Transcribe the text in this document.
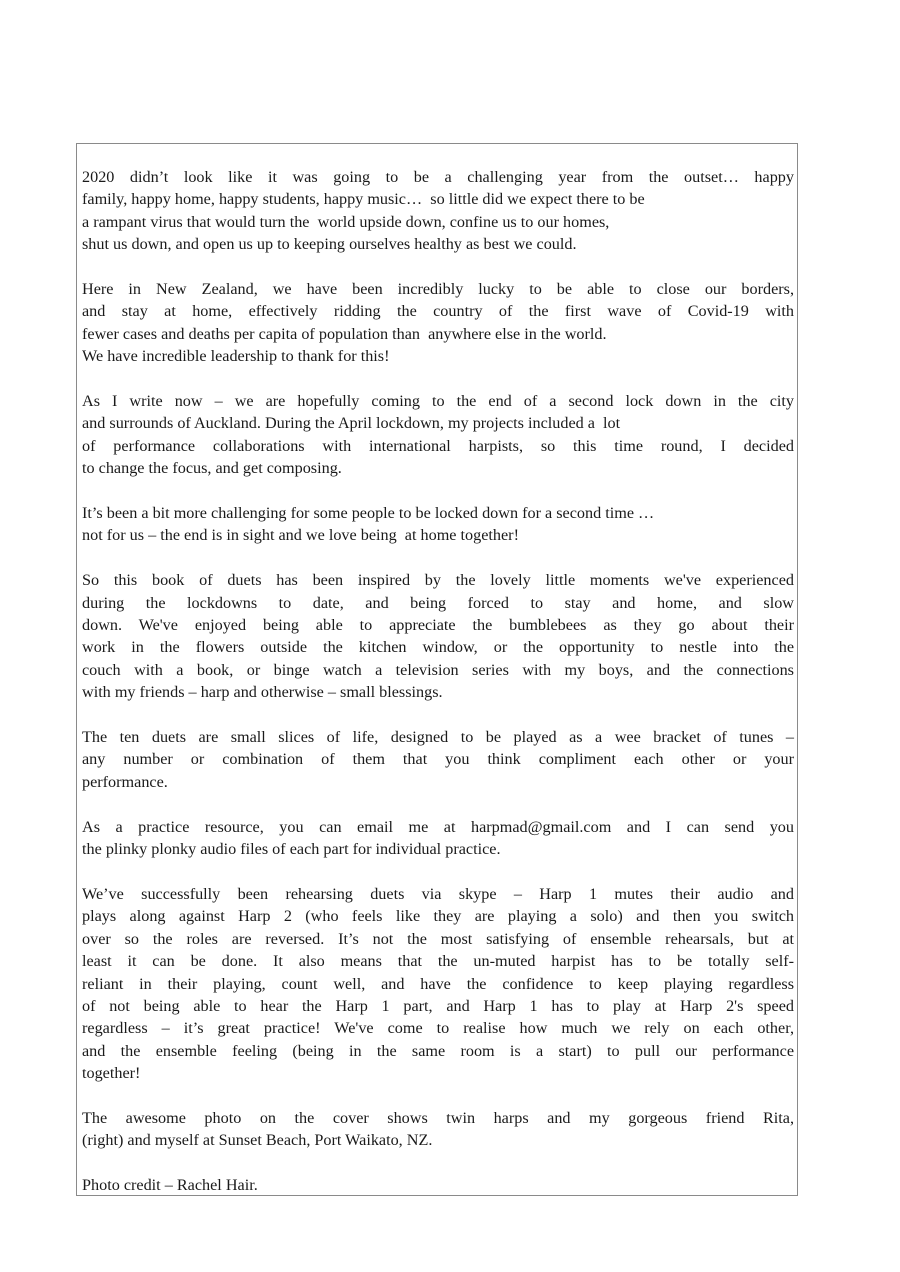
2020 didn’t look like it was going to be a challenging year from the outset… happy
family, happy home, happy students, happy music…  so little did we expect there to be
a rampant virus that would turn the  world upside down, confine us to our homes,
shut us down, and open us up to keeping ourselves healthy as best we could.
Here in New Zealand, we have been incredibly lucky to be able to close our borders,
and stay at home, effectively ridding the country of the first wave of Covid-19 with
fewer cases and deaths per capita of population than  anywhere else in the world.
We have incredible leadership to thank for this!
As I write now – we are hopefully coming to the end of a second lock down in the city
and surrounds of Auckland. During the April lockdown, my projects included a  lot
of performance collaborations with international harpists, so this time round, I decided
to change the focus, and get composing.
It’s been a bit more challenging for some people to be locked down for a second time …
not for us – the end is in sight and we love being  at home together!
So this book of duets has been inspired by the lovely little moments we've experienced
during the lockdowns to date, and being forced to stay and home, and slow
down. We've enjoyed being able to appreciate the bumblebees as they go about their
work in the flowers outside the kitchen window, or the opportunity to nestle into the
couch with a book, or binge watch a television series with my boys, and the connections
with my friends – harp and otherwise – small blessings.
The ten duets are small slices of life, designed to be played as a wee bracket of tunes –
any number or combination of them that you think compliment each other or your
performance.
As a practice resource, you can email me at harpmad@gmail.com and I can send you
the plinky plonky audio files of each part for individual practice.
We’ve successfully been rehearsing duets via skype – Harp 1 mutes their audio and
plays along against Harp 2 (who feels like they are playing a solo) and then you switch
over so the roles are reversed. It’s not the most satisfying of ensemble rehearsals, but at
least it can be done. It also means that the un-muted harpist has to be totally self-
reliant in their playing, count well, and have the confidence to keep playing regardless
of not being able to hear the Harp 1 part, and Harp 1 has to play at Harp 2's speed
regardless – it’s great practice! We've come to realise how much we rely on each other,
and the ensemble feeling (being in the same room is a start) to pull our performance
together!
The awesome photo on the cover shows twin harps and my gorgeous friend Rita,
(right) and myself at Sunset Beach, Port Waikato, NZ.
Photo credit – Rachel Hair.
